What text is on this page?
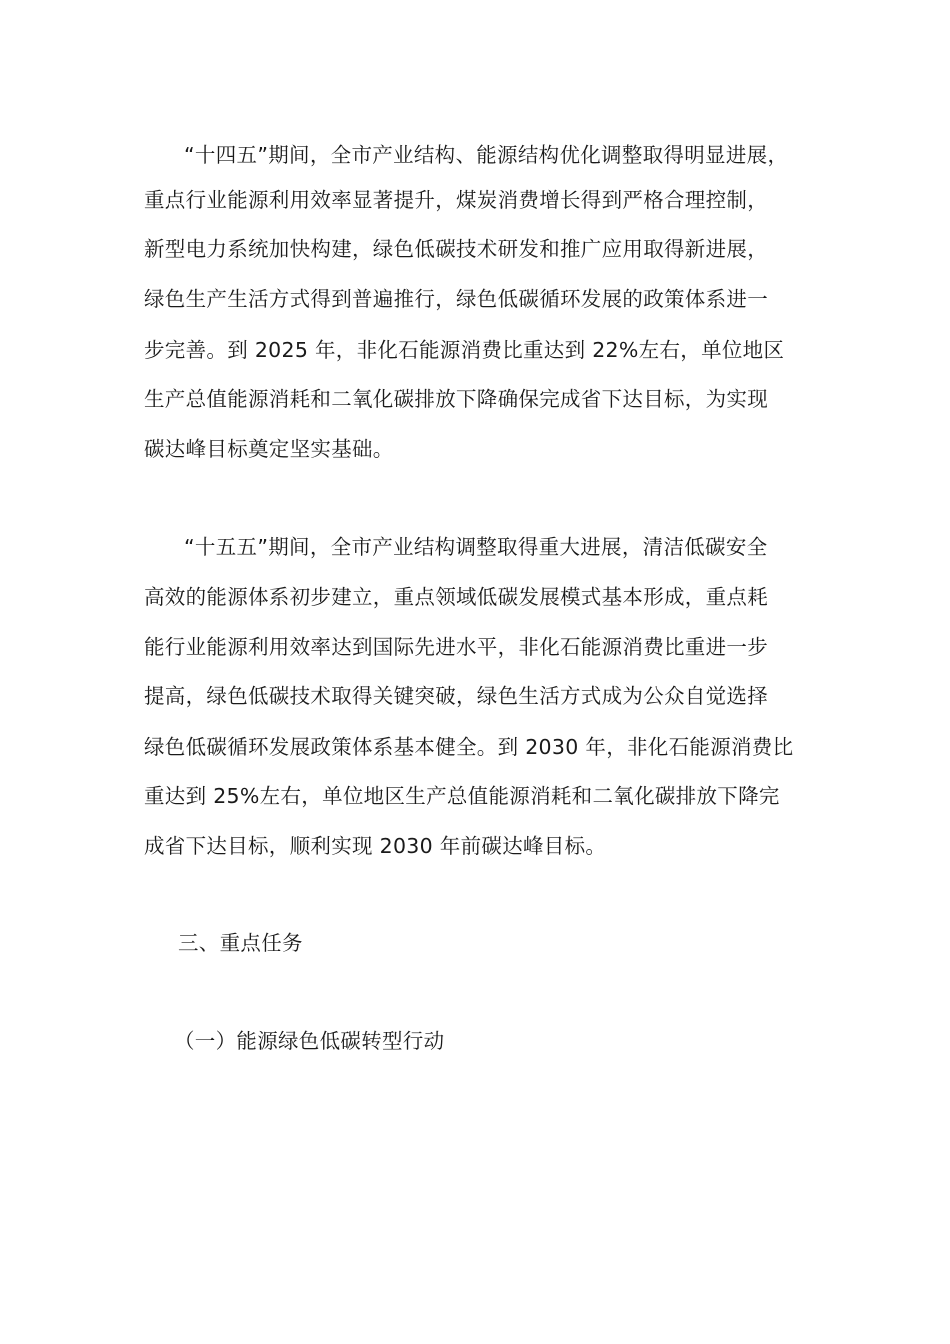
“十四五”期间，全市产业结构、能源结构优化调整取得明显进展，
重点行业能源利用效率显著提升，煤炭消费增长得到严格合理控制，
新型电力系统加快构建，绿色低碳技术研发和推广应用取得新进展，
绿色生产生活方式得到普遍推行，绿色低碳循环发展的政策体系进一
步完善。到 2025 年，非化石能源消费比重达到 22%左右，单位地区
生产总值能源消耗和二氧化碳排放下降确保完成省下达目标，为实现
碳达峰目标奠定坚实基础。
“十五五”期间，全市产业结构调整取得重大进展，清洁低碳安全
高效的能源体系初步建立，重点领域低碳发展模式基本形成，重点耗
能行业能源利用效率达到国际先进水平，非化石能源消费比重进一步
提高，绿色低碳技术取得关键突破，绿色生活方式成为公众自觉选择
绿色低碳循环发展政策体系基本健全。到 2030 年，非化石能源消费比
重达到 25%左右，单位地区生产总值能源消耗和二氧化碳排放下降完
成省下达目标，顺利实现 2030 年前碳达峰目标。
三、重点任务
（一）能源绿色低碳转型行动
